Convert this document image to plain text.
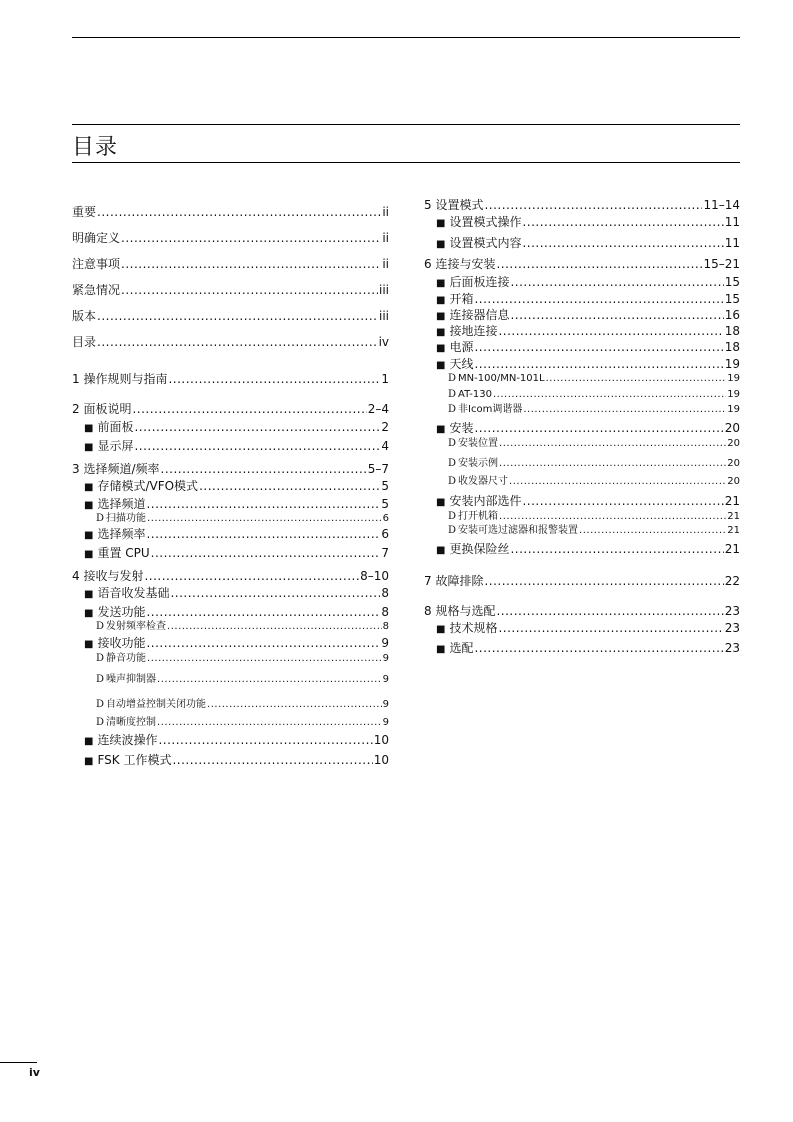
目录
重要 .....	ii
明确定义 .....	ii
注意事项 .....	ii
紧急情况 .....	iii
版本 .....	iii
目录 .....	iv
1 操作规则与指南 .....	1
2 面板说明 .....	2–4
■ 前面板 .....	2
■ 显示屏 .....	4
3 选择频道/频率 .....	5–7
■ 存储模式/VFO模式 .....	5
■ 选择频道 .....	5
D 扫描功能 .....	6
■ 选择频率 .....	6
■ 重置 CPU .....	7
4 接收与发射 .....	8–10
■ 语音收发基础 .....	8
■ 发送功能 .....	8
D 发射频率检查 .....	8
■ 接收功能 .....	9
D 静音功能 .....	9
D 噪声抑制器 .....	9
D 自动增益控制关闭功能 .....	9
D 清晰度控制 .....	9
■ 连续波操作 .....	10
■ FSK 工作模式 .....	10
5 设置模式 .....	11–14
■ 设置模式操作 .....	11
■ 设置模式内容 .....	11
6 连接与安装 .....	15–21
■ 后面板连接 .....	15
■ 开箱 .....	15
■ 连接器信息 .....	16
■ 接地连接 .....	18
■ 电源 .....	18
■ 天线 .....	19
D MN-100/MN-101L .....	19
D AT-130 .....	19
D 非Icom调谐器 .....	19
■ 安装 .....	20
D 安装位置 .....	20
D 安装示例 .....	20
D 收发器尺寸 .....	20
■ 安装内部选件 .....	21
D 打开机箱 .....	21
D 安装可选过滤器和报警装置 .....	21
■ 更换保险丝 .....	21
7 故障排除 .....	22
8 规格与选配 .....	23
■ 技术规格 .....	23
■ 选配 .....	23
iv
